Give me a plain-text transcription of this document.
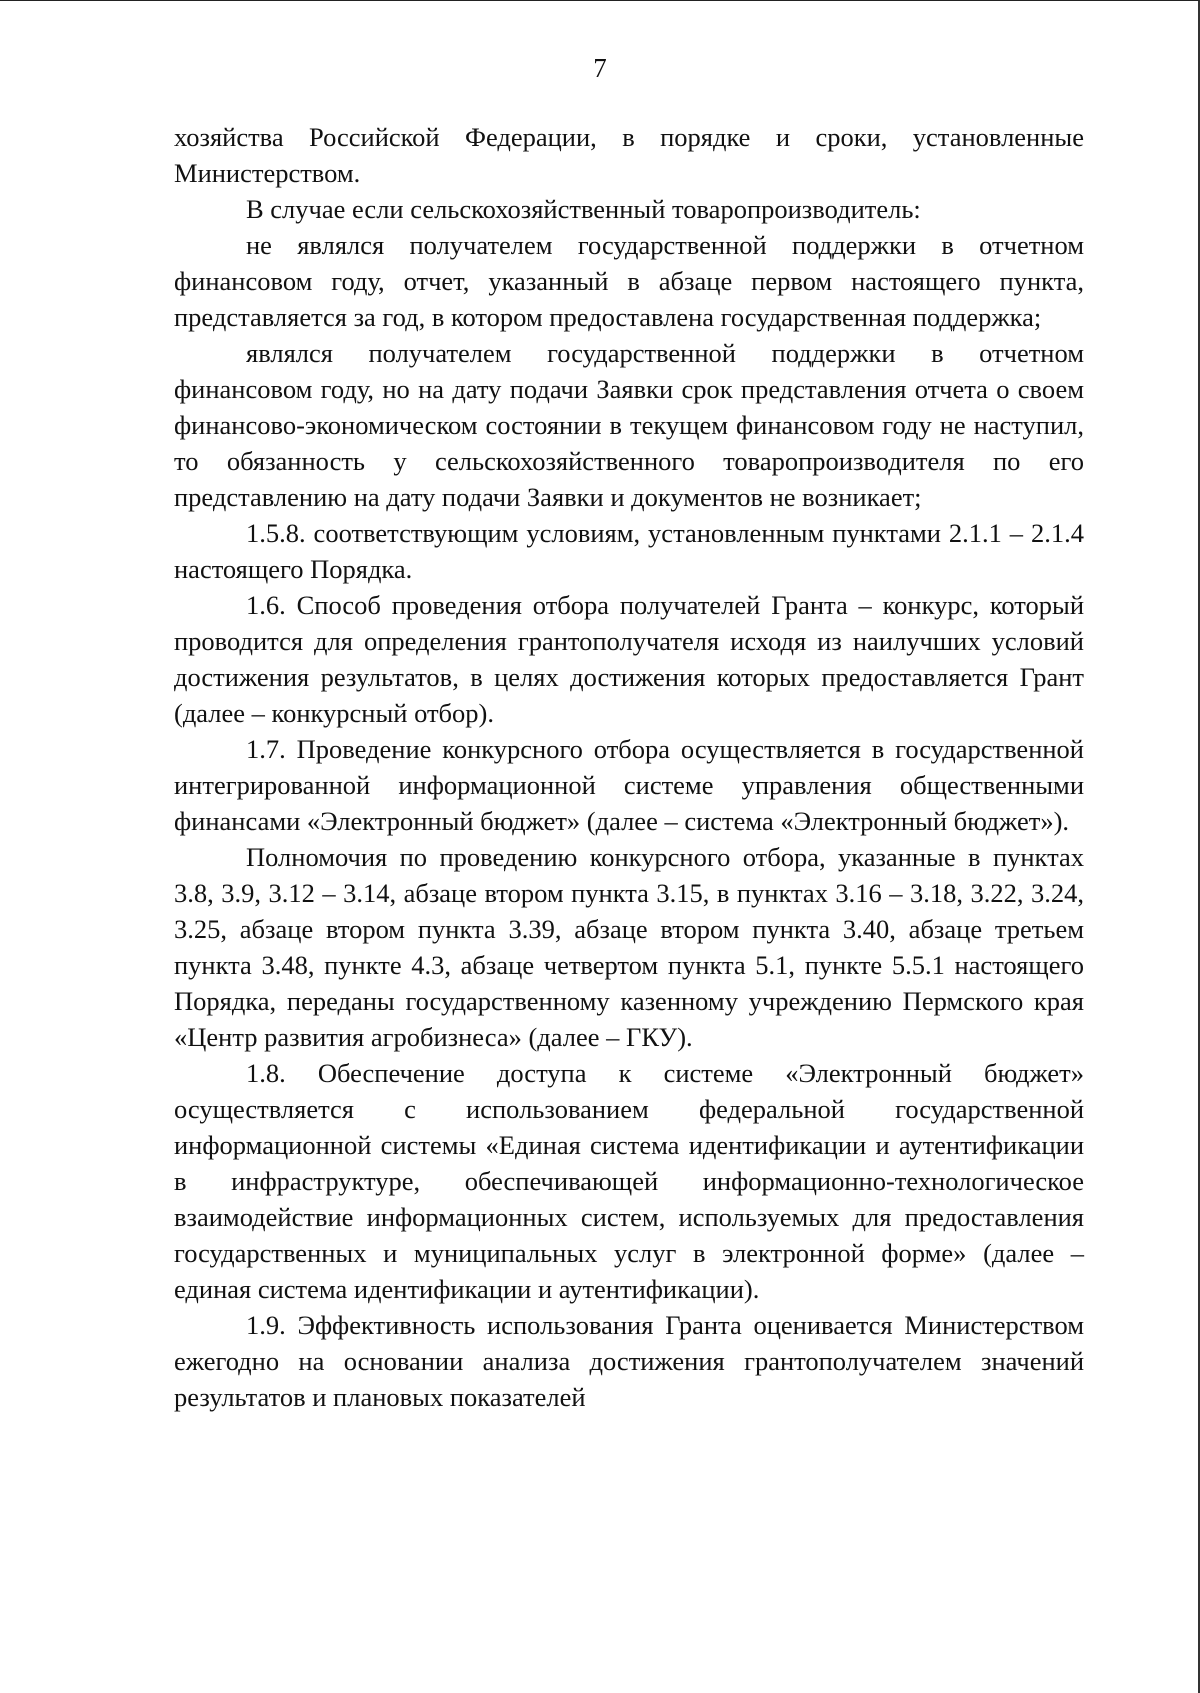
7

хозяйства Российской Федерации, в порядке и сроки, установленные Министерством.

В случае если сельскохозяйственный товаропроизводитель:

не являлся получателем государственной поддержки в отчетном финансовом году, отчет, указанный в абзаце первом настоящего пункта, представляется за год, в котором предоставлена государственная поддержка;

являлся получателем государственной поддержки в отчетном финансовом году, но на дату подачи Заявки срок представления отчета о своем финансово-экономическом состоянии в текущем финансовом году не наступил, то обязанность у сельскохозяйственного товаропроизводителя по его представлению на дату подачи Заявки и документов не возникает;

1.5.8. соответствующим условиям, установленным пунктами 2.1.1 – 2.1.4 настоящего Порядка.

1.6. Способ проведения отбора получателей Гранта – конкурс, который проводится для определения грантополучателя исходя из наилучших условий достижения результатов, в целях достижения которых предоставляется Грант (далее – конкурсный отбор).

1.7. Проведение конкурсного отбора осуществляется в государственной интегрированной информационной системе управления общественными финансами «Электронный бюджет» (далее – система «Электронный бюджет»).

Полномочия по проведению конкурсного отбора, указанные в пунктах 3.8, 3.9, 3.12 – 3.14, абзаце втором пункта 3.15, в пунктах 3.16 – 3.18, 3.22, 3.24, 3.25, абзаце втором пункта 3.39, абзаце втором пункта 3.40, абзаце третьем пункта 3.48, пункте 4.3, абзаце четвертом пункта 5.1, пункте 5.5.1 настоящего Порядка, переданы государственному казенному учреждению Пермского края «Центр развития агробизнеса» (далее – ГКУ).

1.8. Обеспечение доступа к системе «Электронный бюджет» осуществляется с использованием федеральной государственной информационной системы «Единая система идентификации и аутентификации в инфраструктуре, обеспечивающей информационно-технологическое взаимодействие информационных систем, используемых для предоставления государственных и муниципальных услуг в электронной форме» (далее – единая система идентификации и аутентификации).

1.9. Эффективность использования Гранта оценивается Министерством ежегодно на основании анализа достижения грантополучателем значений результатов и плановых показателей
